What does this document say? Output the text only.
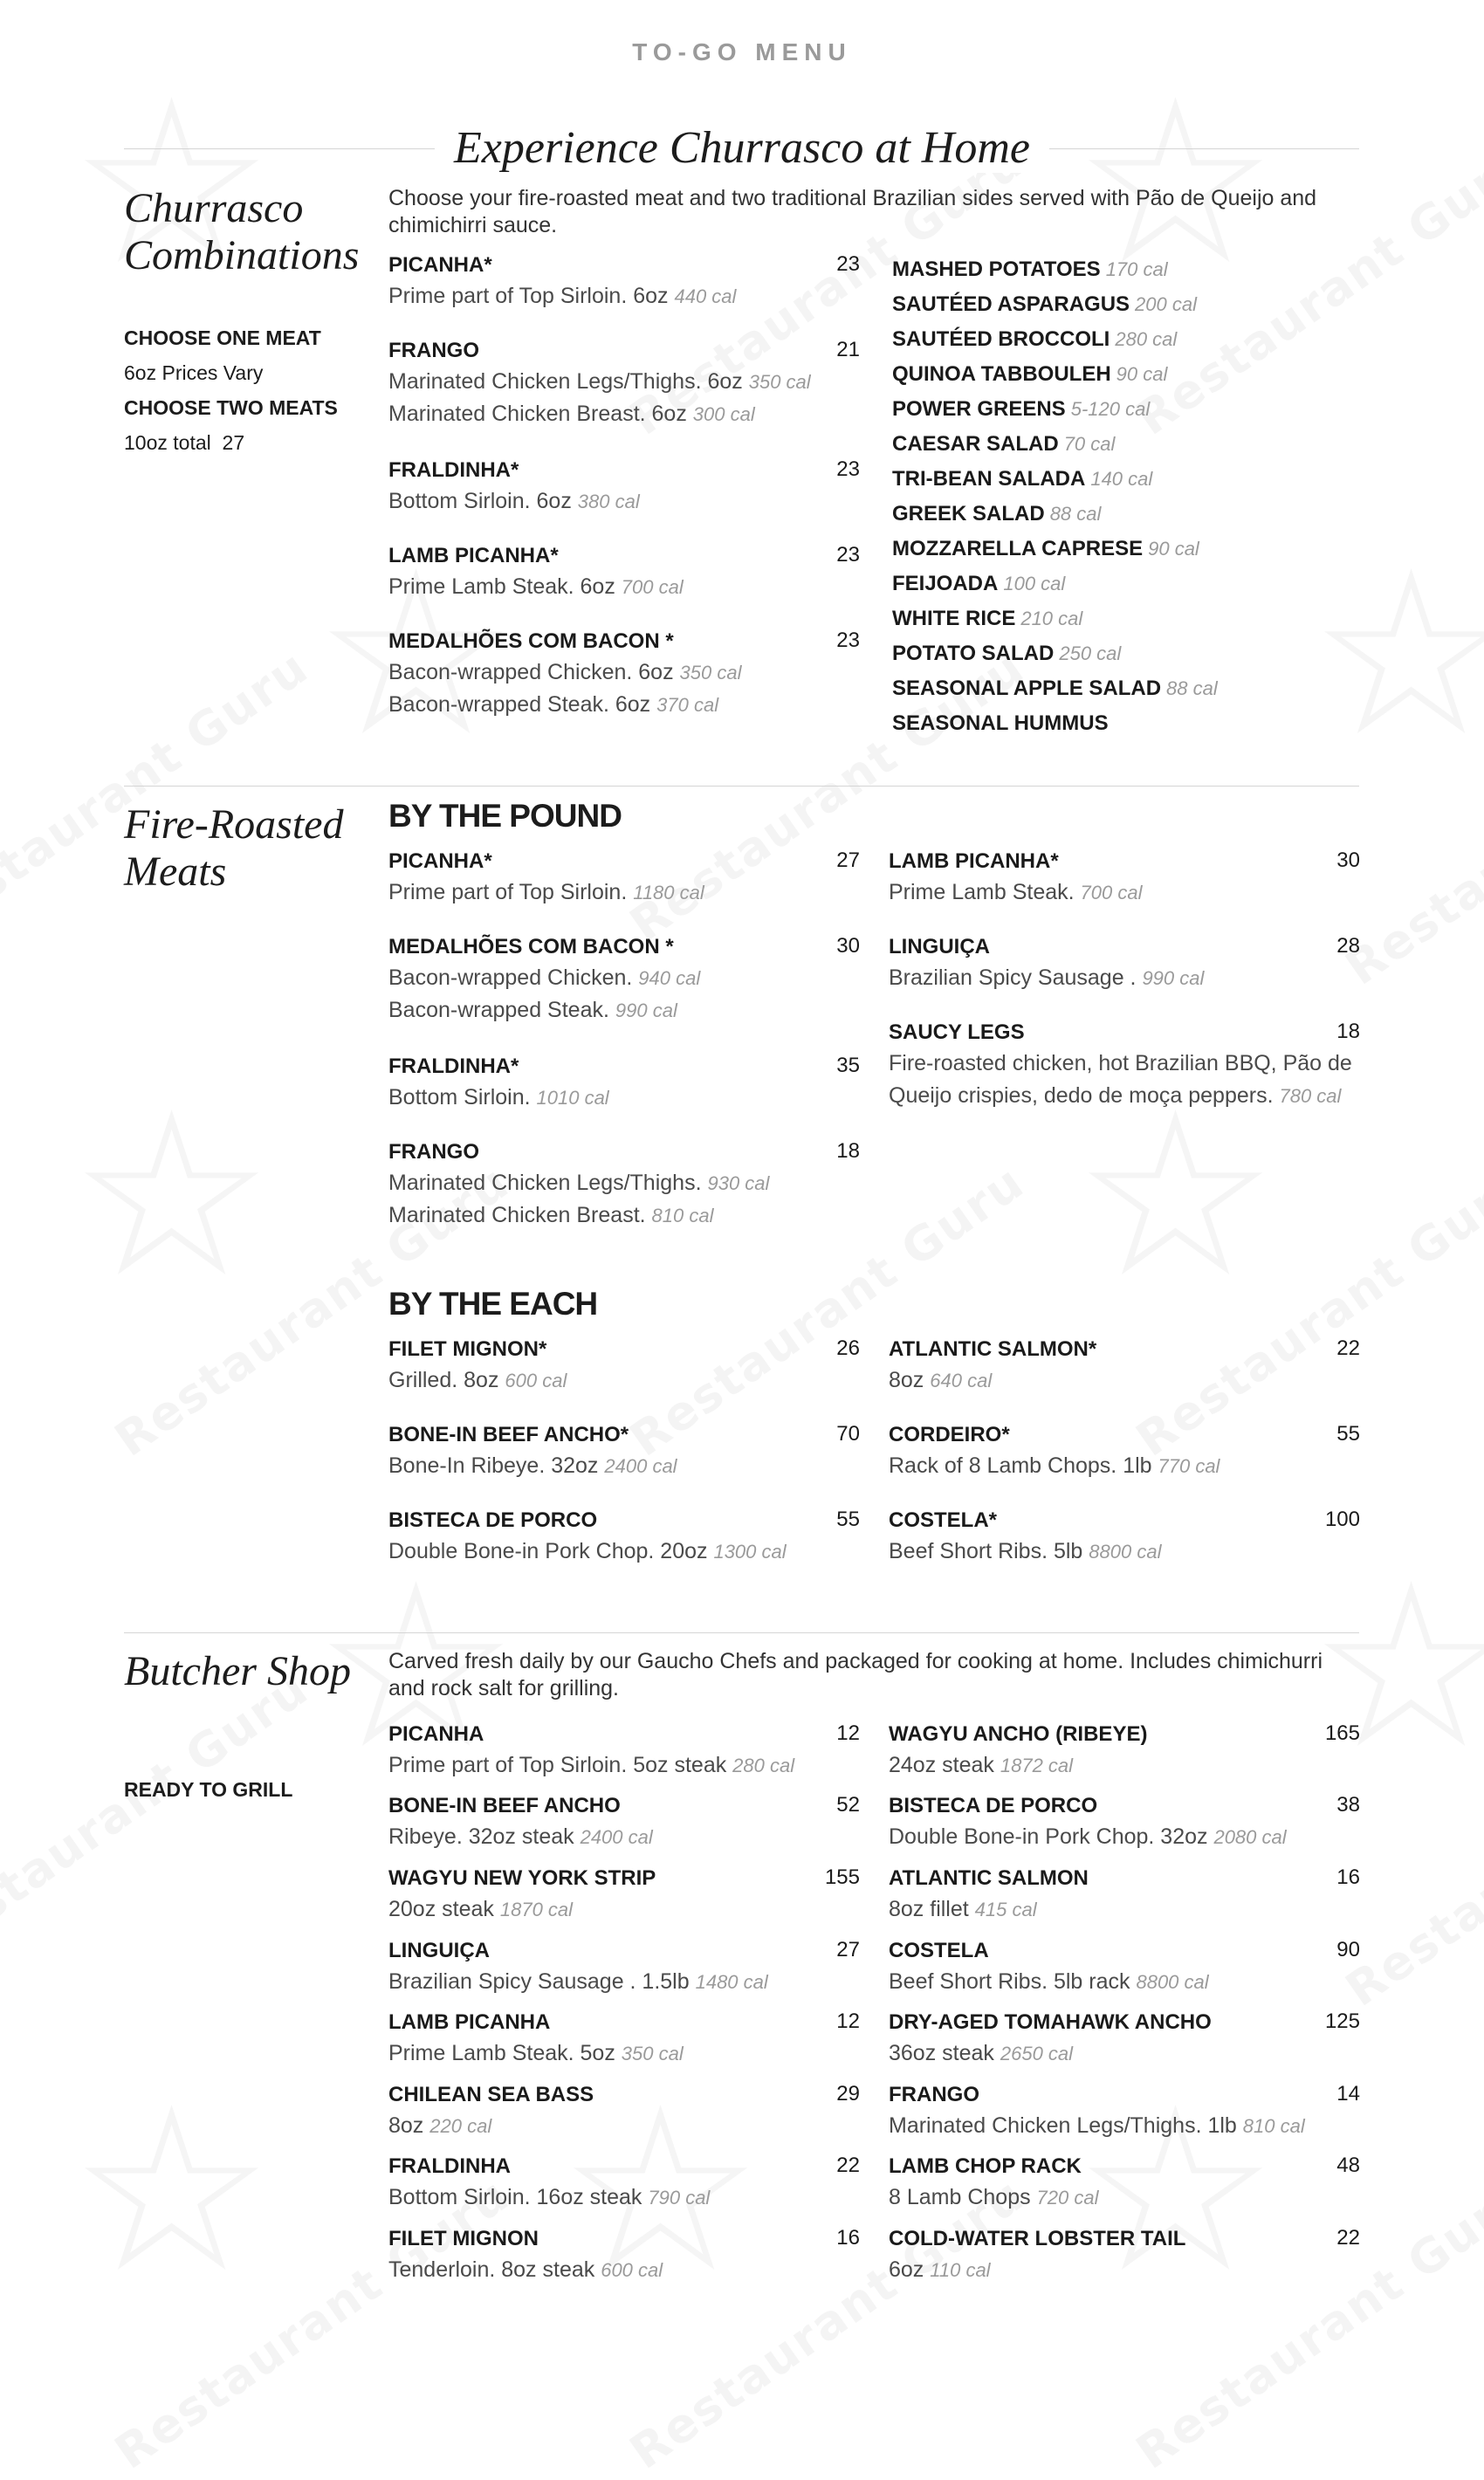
TO-GO MENU
Experience Churrasco at Home
Churrasco Combinations
CHOOSE ONE MEAT
6oz Prices Vary
CHOOSE TWO MEATS
10oz total 27
Choose your fire-roasted meat and two traditional Brazilian sides served with Pão de Queijo and chimichirri sauce.
PICANHA*	23
Prime part of Top Sirloin. 6oz 440 cal
FRANGO	21
Marinated Chicken Legs/Thighs. 6oz 350 cal
Marinated Chicken Breast. 6oz 300 cal
FRALDINHA*	23
Bottom Sirloin. 6oz 380 cal
LAMB PICANHA*	23
Prime Lamb Steak. 6oz 700 cal
MEDALHÕES COM BACON *	23
Bacon-wrapped Chicken. 6oz 350 cal
Bacon-wrapped Steak. 6oz 370 cal
MASHED POTATOES 170 cal
SAUTÉED ASPARAGUS 200 cal
SAUTÉED BROCCOLI 280 cal
QUINOA TABBOULEH 90 cal
POWER GREENS 5-120 cal
CAESAR SALAD 70 cal
TRI-BEAN SALADA 140 cal
GREEK SALAD 88 cal
MOZZARELLA CAPRESE 90 cal
FEIJOADA 100 cal
WHITE RICE 210 cal
POTATO SALAD 250 cal
SEASONAL APPLE SALAD 88 cal
SEASONAL HUMMUS
Fire-Roasted Meats
BY THE POUND
PICANHA*	27
Prime part of Top Sirloin. 1180 cal
MEDALHÕES COM BACON *	30
Bacon-wrapped Chicken. 940 cal
Bacon-wrapped Steak. 990 cal
FRALDINHA*	35
Bottom Sirloin. 1010 cal
FRANGO	18
Marinated Chicken Legs/Thighs. 930 cal
Marinated Chicken Breast. 810 cal
LAMB PICANHA*	30
Prime Lamb Steak. 700 cal
LINGUIÇA	28
Brazilian Spicy Sausage . 990 cal
SAUCY LEGS	18
Fire-roasted chicken, hot Brazilian BBQ, Pão de Queijo crispies, dedo de moça peppers. 780 cal
BY THE EACH
FILET MIGNON*	26
Grilled. 8oz 600 cal
BONE-IN BEEF ANCHO*	70
Bone-In Ribeye. 32oz 2400 cal
BISTECA DE PORCO	55
Double Bone-in Pork Chop. 20oz 1300 cal
ATLANTIC SALMON*	22
8oz 640 cal
CORDEIRO*	55
Rack of 8 Lamb Chops. 1lb 770 cal
COSTELA*	100
Beef Short Ribs. 5lb 8800 cal
Butcher Shop
READY TO GRILL
Carved fresh daily by our Gaucho Chefs and packaged for cooking at home. Includes chimichurri and rock salt for grilling.
PICANHA	12
Prime part of Top Sirloin. 5oz steak 280 cal
BONE-IN BEEF ANCHO	52
Ribeye. 32oz steak 2400 cal
WAGYU NEW YORK STRIP	155
20oz steak 1870 cal
LINGUIÇA	27
Brazilian Spicy Sausage . 1.5lb 1480 cal
LAMB PICANHA	12
Prime Lamb Steak. 5oz 350 cal
CHILEAN SEA BASS	29
8oz 220 cal
FRALDINHA	22
Bottom Sirloin. 16oz steak 790 cal
FILET MIGNON	16
Tenderloin. 8oz steak 600 cal
WAGYU ANCHO (RIBEYE)	165
24oz steak 1872 cal
BISTECA DE PORCO	38
Double Bone-in Pork Chop. 32oz 2080 cal
ATLANTIC SALMON	16
8oz fillet 415 cal
COSTELA	90
Beef Short Ribs. 5lb rack 8800 cal
DRY-AGED TOMAHAWK ANCHO	125
36oz steak 2650 cal
FRANGO	14
Marinated Chicken Legs/Thighs. 1lb 810 cal
LAMB CHOP RACK	48
8 Lamb Chops 720 cal
COLD-WATER LOBSTER TAIL	22
6oz 110 cal
